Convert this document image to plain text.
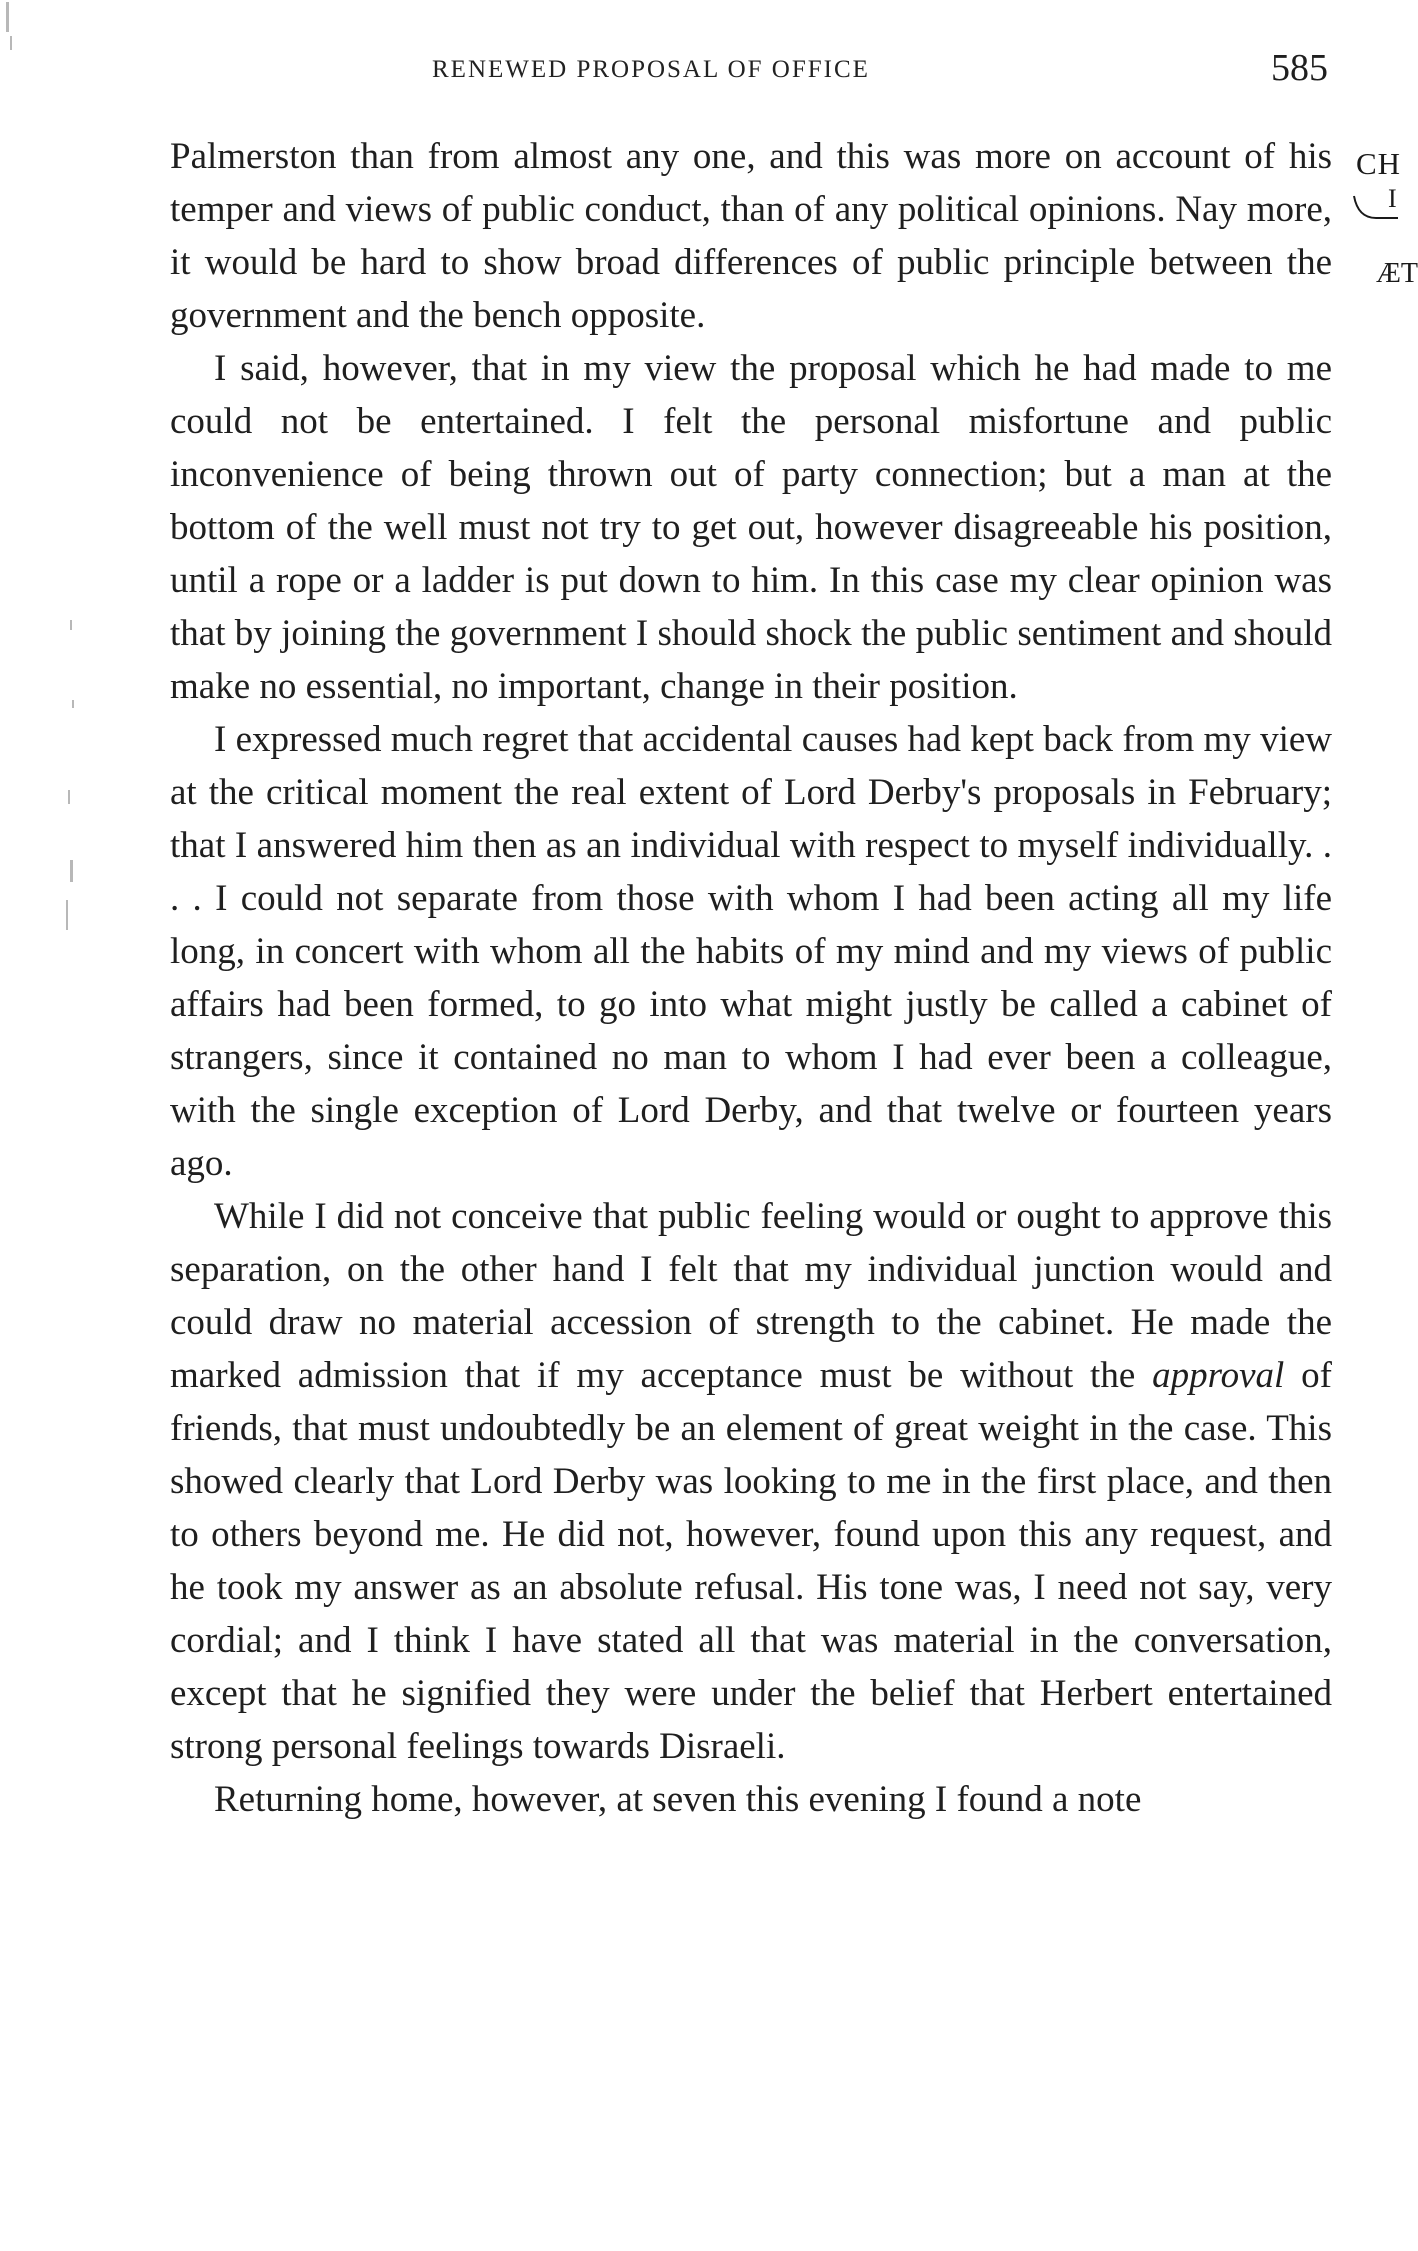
RENEWED PROPOSAL OF OFFICE	585
CH
I
ÆT

Palmerston than from almost any one, and this was more on account of his temper and views of public conduct, than of any political opinions. Nay more, it would be hard to show broad differences of public principle between the government and the bench opposite.

I said, however, that in my view the proposal which he had made to me could not be entertained. I felt the personal misfortune and public inconvenience of being thrown out of party connection; but a man at the bottom of the well must not try to get out, however disagreeable his position, until a rope or a ladder is put down to him. In this case my clear opinion was that by joining the government I should shock the public sentiment and should make no essential, no important, change in their position.

I expressed much regret that accidental causes had kept back from my view at the critical moment the real extent of Lord Derby's proposals in February; that I answered him then as an individual with respect to myself individually. . . . I could not separate from those with whom I had been acting all my life long, in concert with whom all the habits of my mind and my views of public affairs had been formed, to go into what might justly be called a cabinet of strangers, since it contained no man to whom I had ever been a colleague, with the single exception of Lord Derby, and that twelve or fourteen years ago.

While I did not conceive that public feeling would or ought to approve this separation, on the other hand I felt that my individual junction would and could draw no material accession of strength to the cabinet. He made the marked admission that if my acceptance must be without the approval of friends, that must undoubtedly be an element of great weight in the case. This showed clearly that Lord Derby was looking to me in the first place, and then to others beyond me. He did not, however, found upon this any request, and he took my answer as an absolute refusal. His tone was, I need not say, very cordial; and I think I have stated all that was material in the conversation, except that he signified they were under the belief that Herbert entertained strong personal feelings towards Disraeli.

Returning home, however, at seven this evening I found a note
